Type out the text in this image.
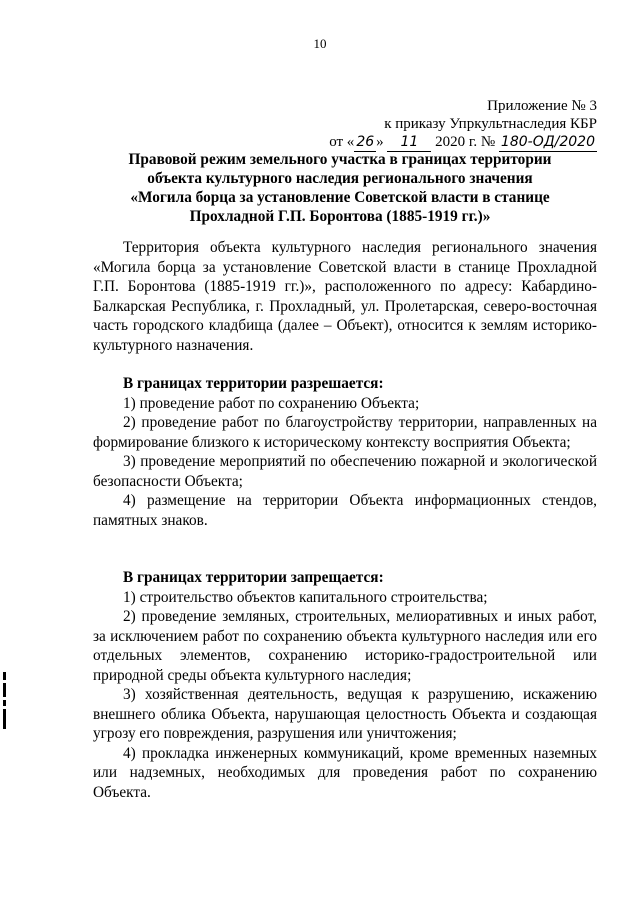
10
Приложение № 3
к приказу Упркультнаследия КБР
от « 26 » 11 2020 г. № 180-ОД/2020
Правовой режим земельного участка в границах территории
объекта культурного наследия регионального значения
«Могила борца за установление Советской власти в станице
Прохладной Г.П. Боронтова (1885-1919 гг.)»

Территория объекта культурного наследия регионального значения «Могила борца за установление Советской власти в станице Прохладной Г.П. Боронтова (1885-1919 гг.)», расположенного по адресу: Кабардино-Балкарская Республика, г. Прохладный, ул. Пролетарская, северо-восточная часть городского кладбища (далее – Объект), относится к землям историко-культурного назначения.

В границах территории разрешается:

1) проведение работ по сохранению Объекта;

2) проведение работ по благоустройству территории, направленных на формирование близкого к историческому контексту восприятия Объекта;

3) проведение мероприятий по обеспечению пожарной и экологической безопасности Объекта;

4) размещение на территории Объекта информационных стендов, памятных знаков.

В границах территории запрещается:

1) строительство объектов капитального строительства;

2) проведение земляных, строительных, мелиоративных и иных работ, за исключением работ по сохранению объекта культурного наследия или его отдельных элементов, сохранению историко-градостроительной или природной среды объекта культурного наследия;

3) хозяйственная деятельность, ведущая к разрушению, искажению внешнего облика Объекта, нарушающая целостность Объекта и создающая угрозу его повреждения, разрушения или уничтожения;

4) прокладка инженерных коммуникаций, кроме временных наземных или надземных, необходимых для проведения работ по сохранению Объекта.
